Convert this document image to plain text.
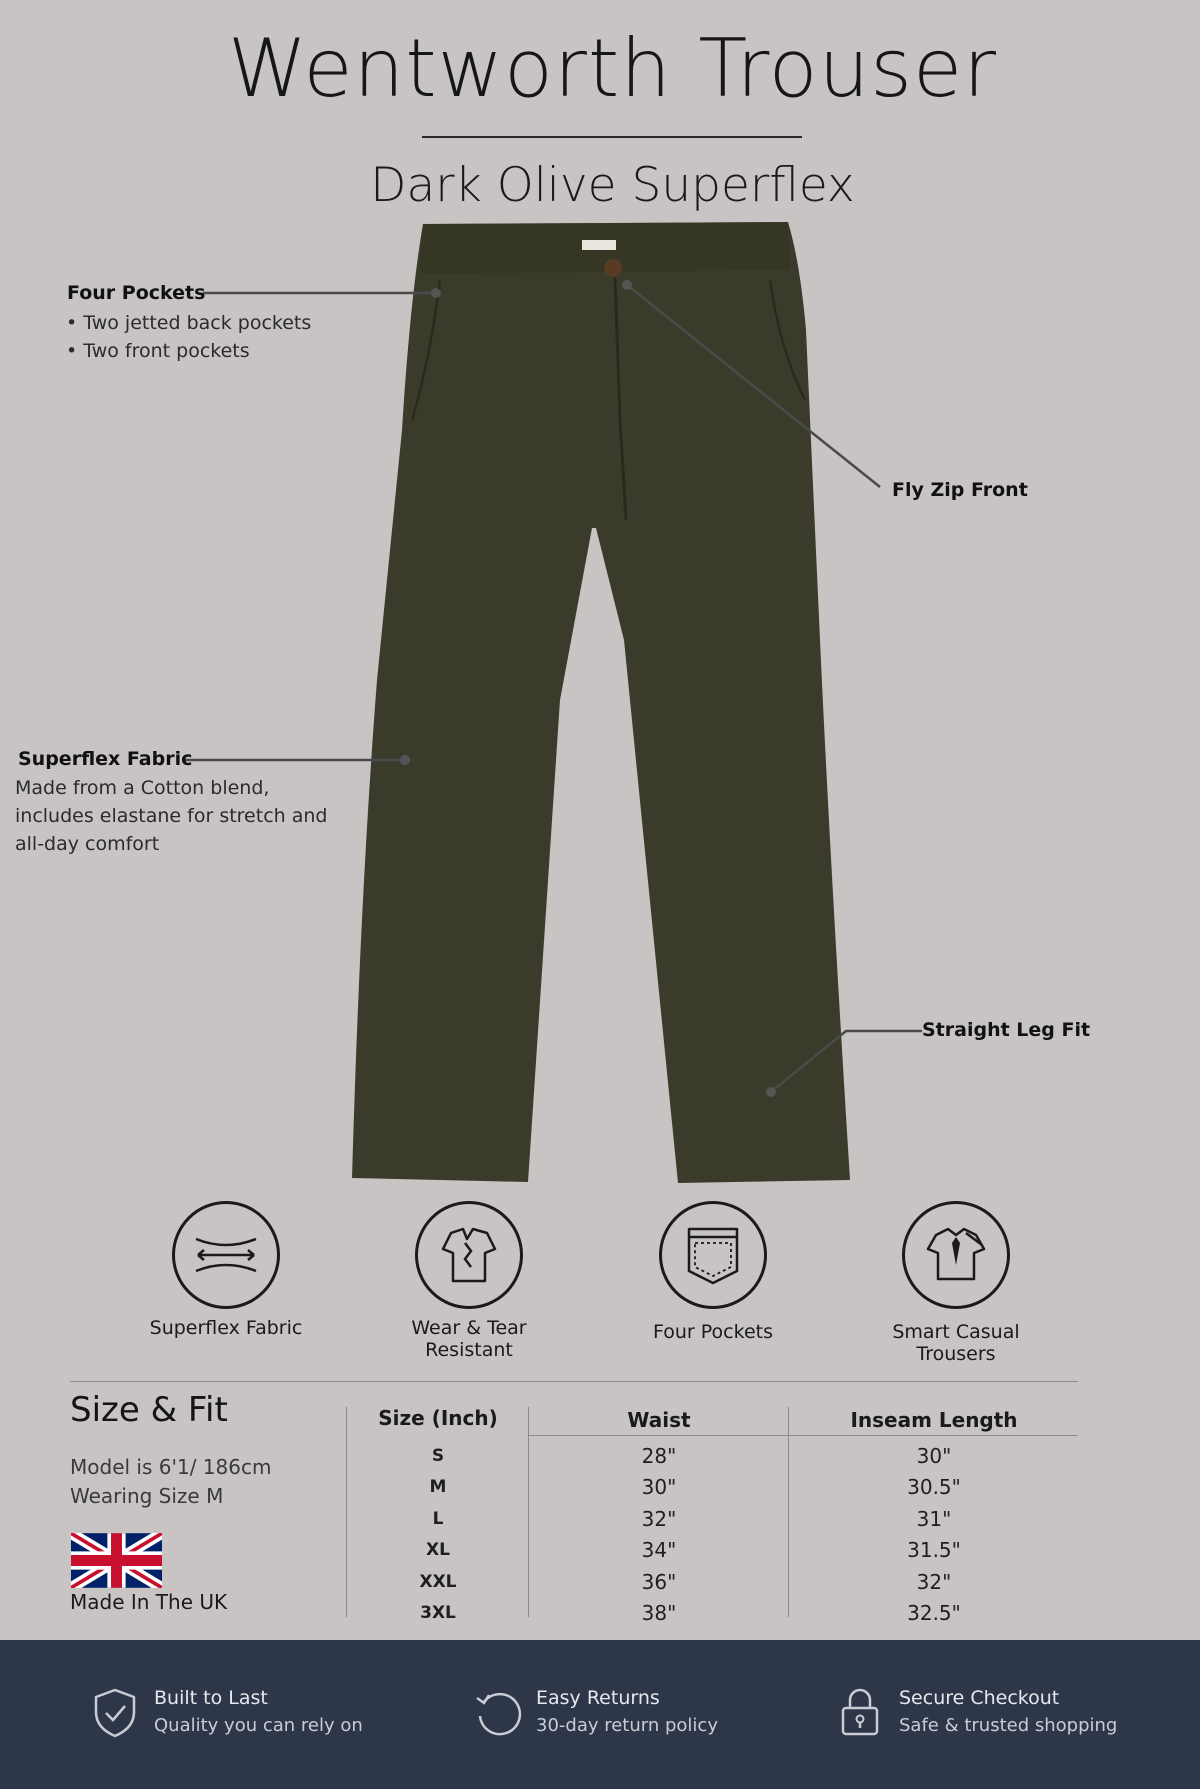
Wentworth Trouser
Dark Olive Superflex
Four Pockets
• Two jetted back pockets
• Two front pockets
Fly Zip Front
Superflex Fabric
Made from a Cotton blend,
includes elastane for stretch and
all-day comfort
Straight Leg Fit
Superflex Fabric	Wear & Tear
Resistant
Four Pockets	Smart Casual
Trousers
Size & Fit
Model is 6'1/ 186cm
Wearing Size M
Made In The UK
Size (Inch)	Waist	Inseam Length
S	28"	30"
M	30"	30.5"
L	32"	31"
XL	34"	31.5"
XXL	36"	32"
3XL	38"	32.5"
Built to Last
Quality you can rely on
Easy Returns
30-day return policy
Secure Checkout
Safe & trusted shopping
